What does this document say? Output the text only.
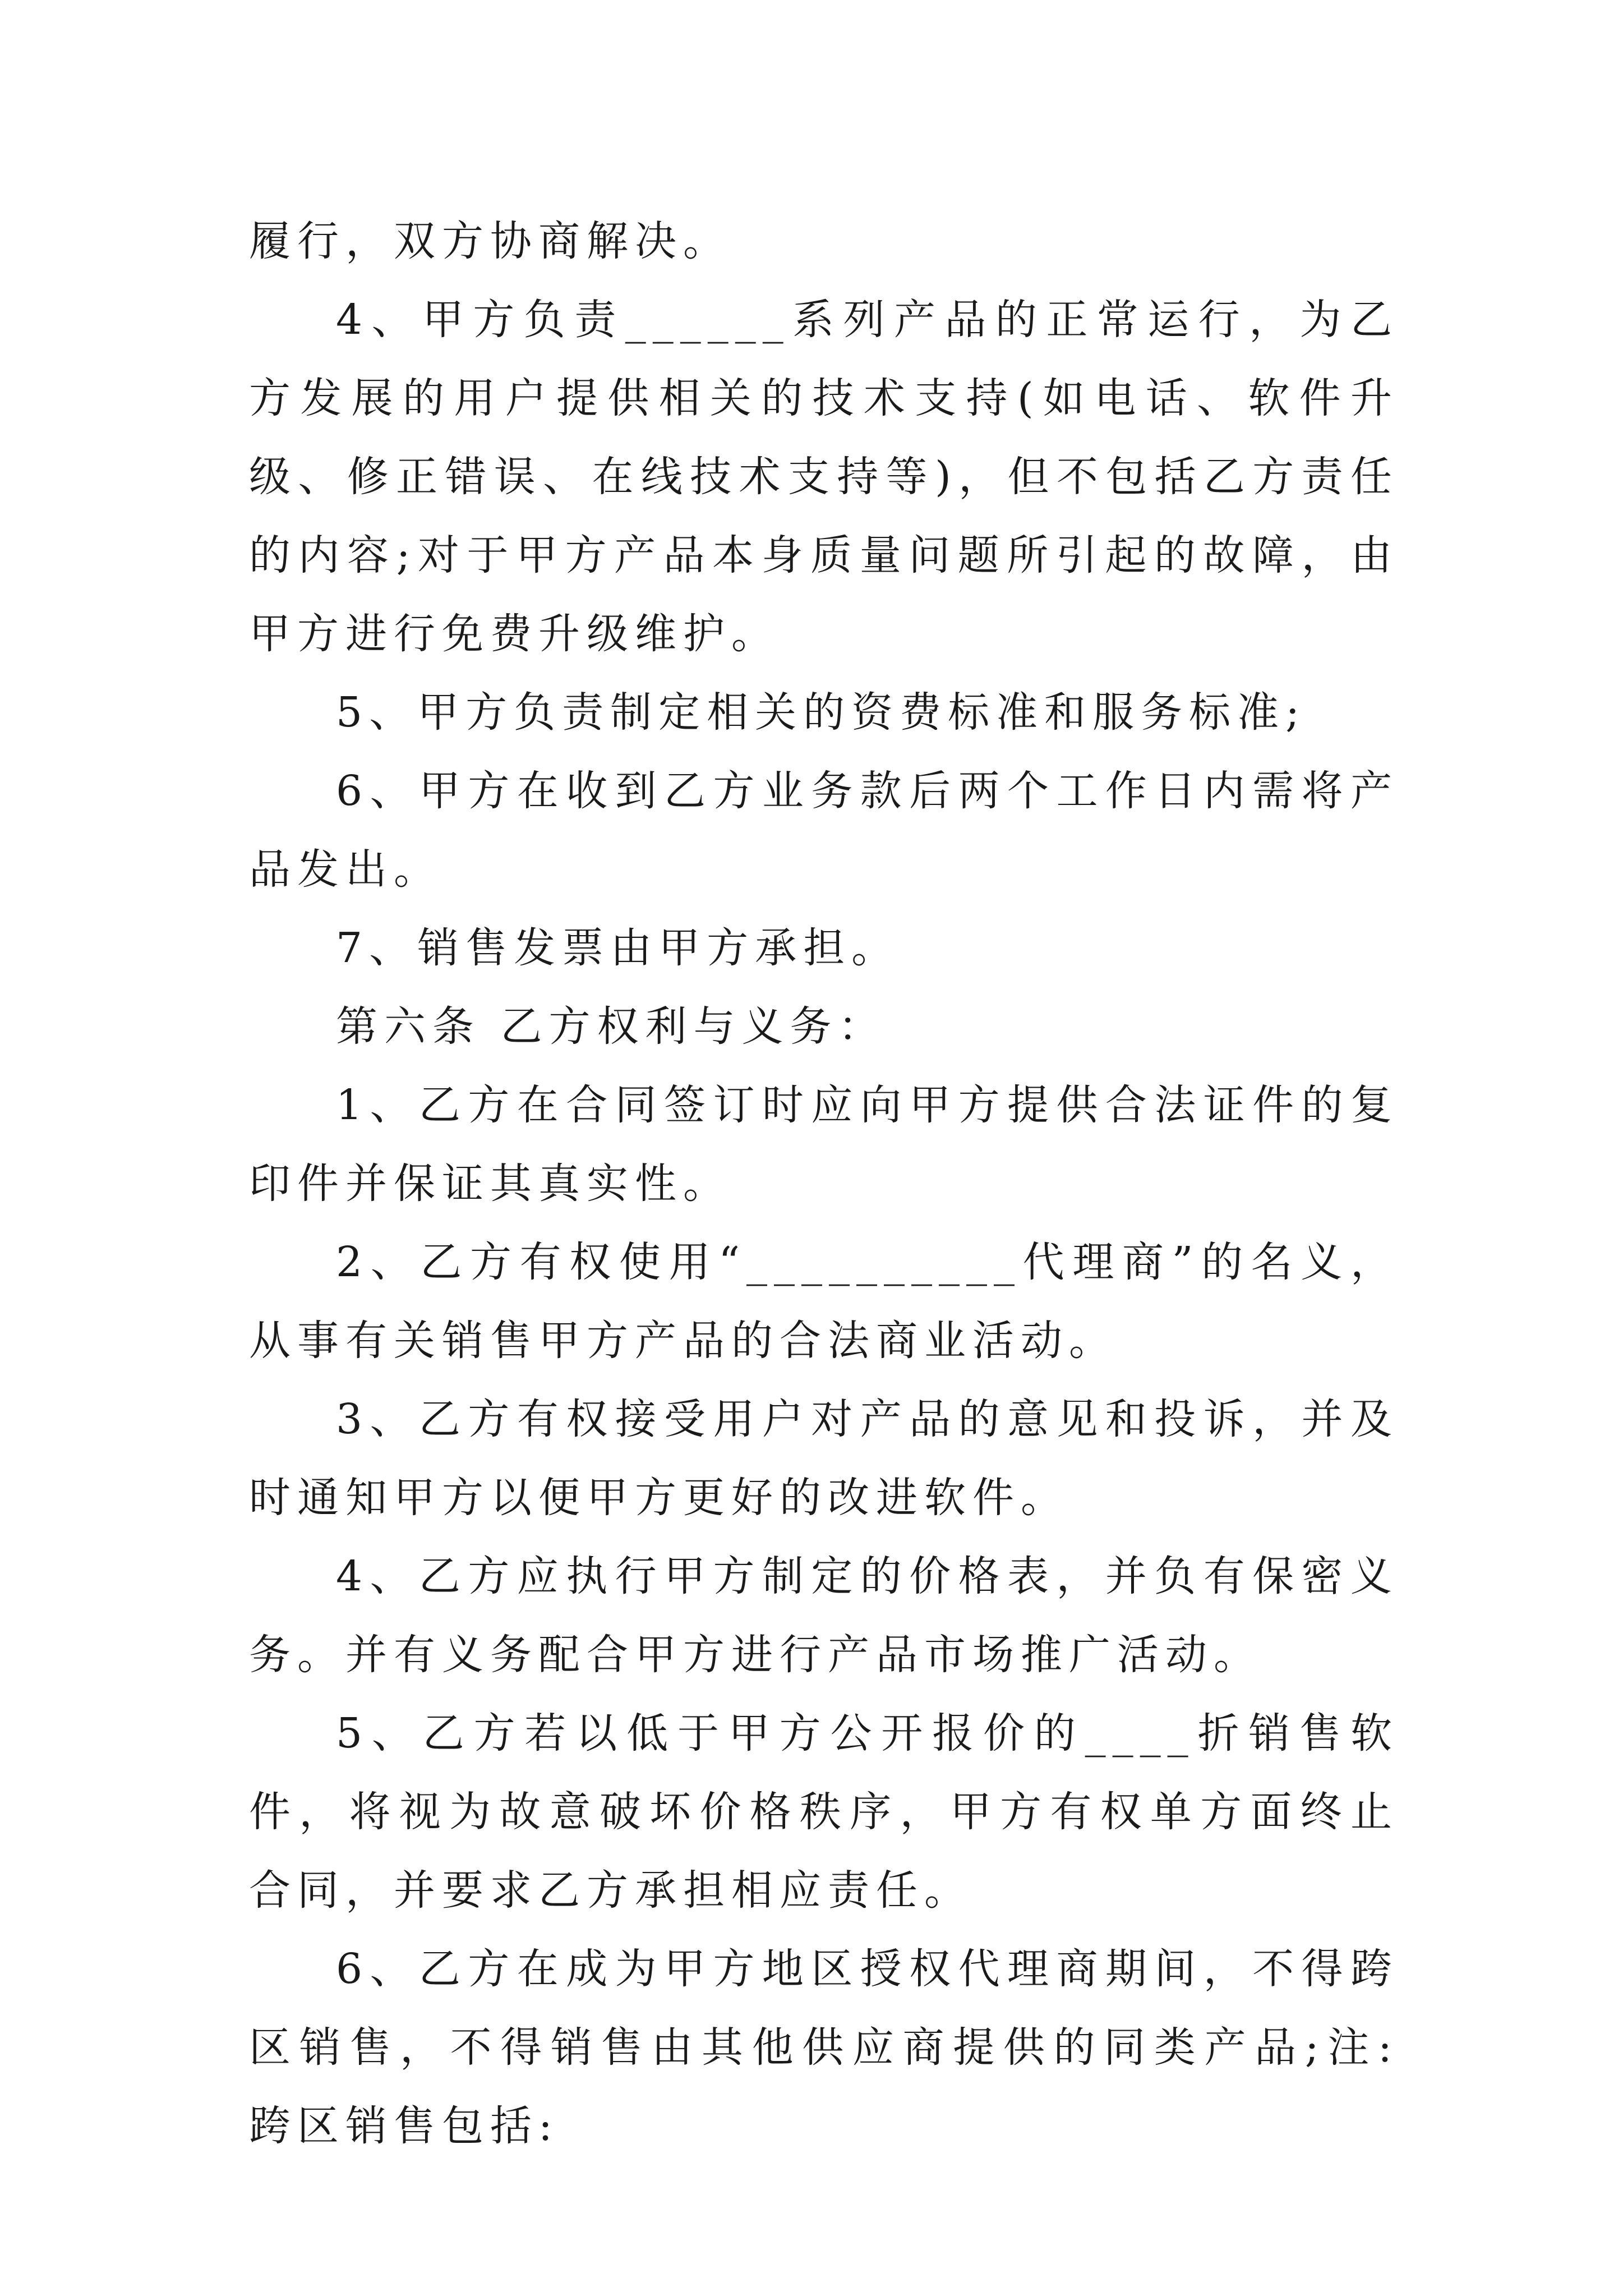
履行，双方协商解决。

4、甲方负责______系列产品的正常运行，为乙方发展的用户提供相关的技术支持(如电话、软件升级、修正错误、在线技术支持等)，但不包括乙方责任的内容;对于甲方产品本身质量问题所引起的故障，由甲方进行免费升级维护。

5、甲方负责制定相关的资费标准和服务标准;

6、甲方在收到乙方业务款后两个工作日内需将产品发出。

7、销售发票由甲方承担。

第六条 乙方权利与义务：

1、乙方在合同签订时应向甲方提供合法证件的复印件并保证其真实性。

2、乙方有权使用“__________代理商”的名义，从事有关销售甲方产品的合法商业活动。

3、乙方有权接受用户对产品的意见和投诉，并及时通知甲方以便甲方更好的改进软件。

4、乙方应执行甲方制定的价格表，并负有保密义务。并有义务配合甲方进行产品市场推广活动。

5、乙方若以低于甲方公开报价的____折销售软件，将视为故意破坏价格秩序，甲方有权单方面终止合同，并要求乙方承担相应责任。

6、乙方在成为甲方地区授权代理商期间，不得跨区销售，不得销售由其他供应商提供的同类产品;注:跨区销售包括:
